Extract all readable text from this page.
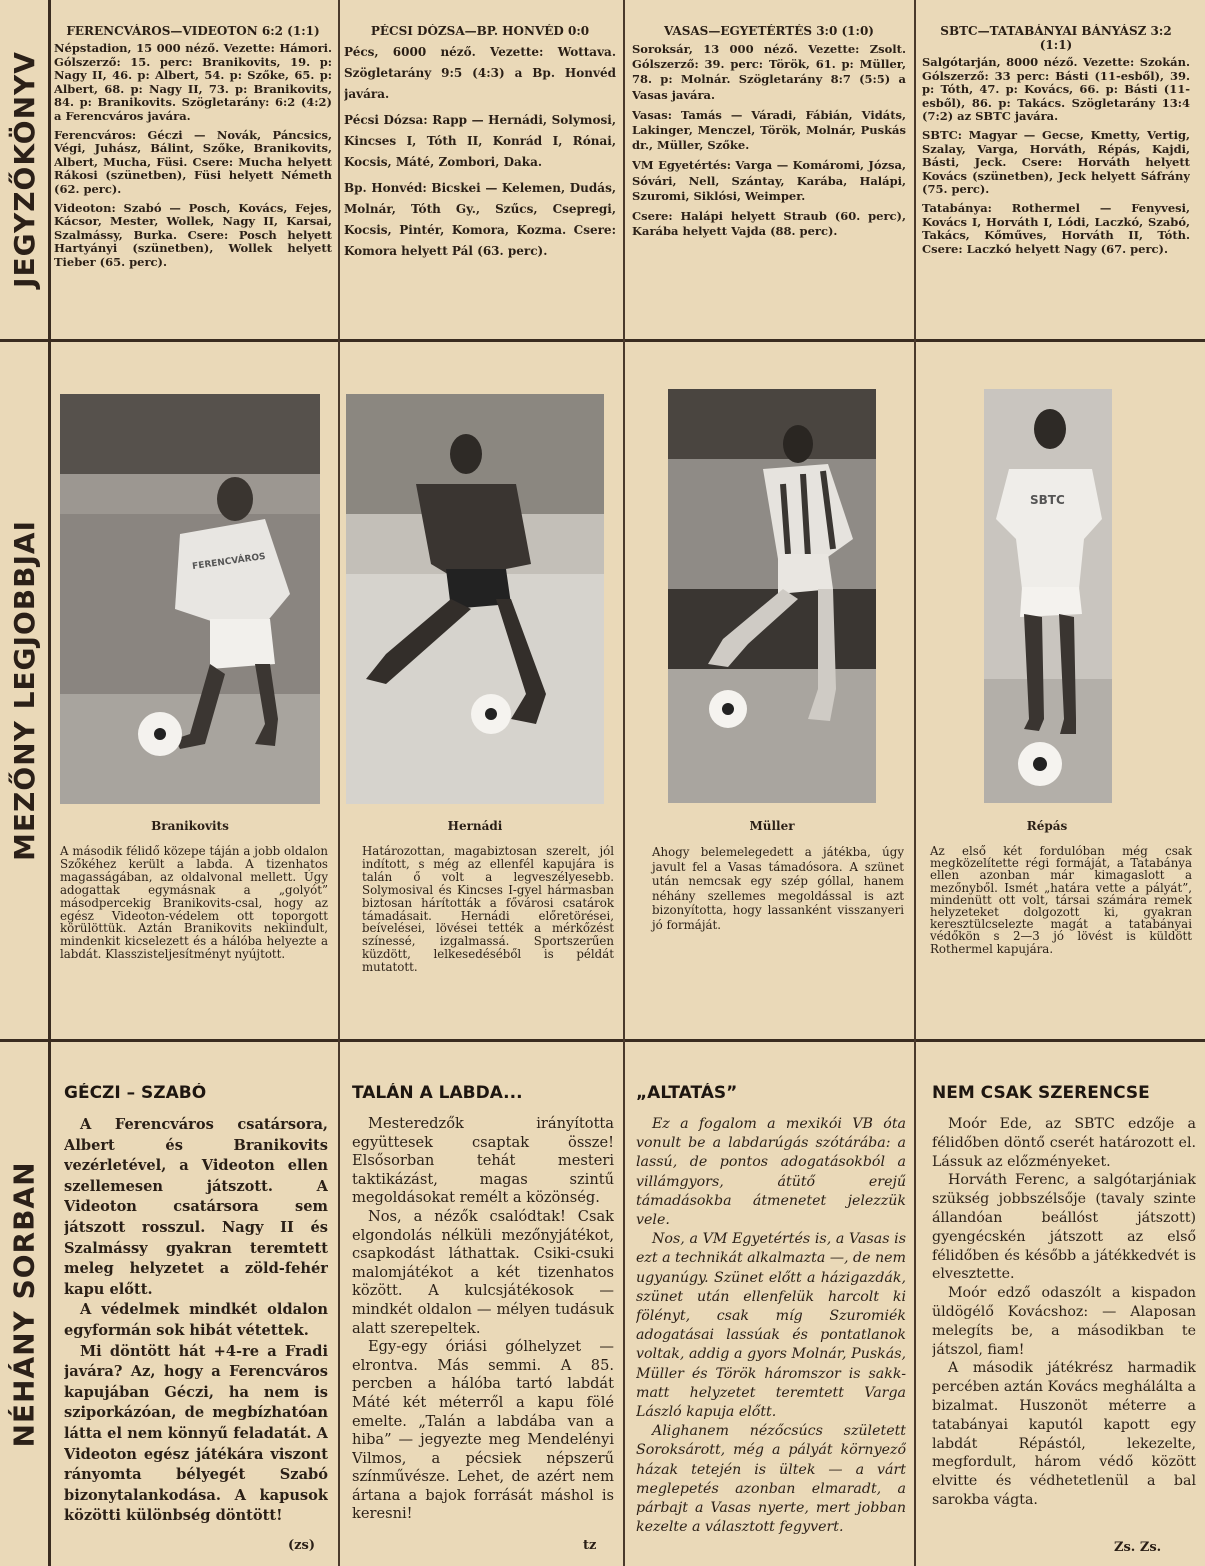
JEGYZŐKÖNYV
MEZŐNY LEGJOBBJAI
NÉHÁNY SORBAN
FERENCVÁROS—VIDEOTON 6:2 (1:1)

Népstadion, 15 000 néző. Vezette: Hámori. Gólszerző: 15. perc: Branikovits, 19. p: Nagy II, 46. p: Albert, 54. p: Szőke, 65. p: Albert, 68. p: Nagy II, 73. p: Branikovits, 84. p: Branikovits. Szögletarány: 6:2 (4:2) a Ferencváros javára.

Ferencváros: Géczi — Novák, Páncsics, Végi, Juhász, Bálint, Szőke, Branikovits, Albert, Mucha, Füsi. Csere: Mucha helyett Rákosi (szünetben), Füsi helyett Németh (62. perc).

Videoton: Szabó — Posch, Kovács, Fejes, Kácsor, Mester, Wollek, Nagy II, Karsai, Szalmássy, Burka. Csere: Posch helyett Hartyányi (szünetben), Wollek helyett Tieber (65. perc).

PÉCSI DÓZSA—BP. HONVÉD 0:0

Pécs, 6000 néző. Vezette: Wottava. Szögletarány 9:5 (4:3) a Bp. Honvéd javára.

Pécsi Dózsa: Rapp — Hernádi, Solymosi, Kincses I, Tóth II, Konrád I, Rónai, Kocsis, Máté, Zombori, Daka.

Bp. Honvéd: Bicskei — Kelemen, Dudás, Molnár, Tóth Gy., Szűcs, Csepregi, Kocsis, Pintér, Komora, Kozma. Csere: Komora helyett Pál (63. perc).

VASAS—EGYETÉRTÉS 3:0 (1:0)

Soroksár, 13 000 néző. Vezette: Zsolt. Gólszerző: 39. perc: Török, 61. p: Müller, 78. p: Molnár. Szögletarány 8:7 (5:5) a Vasas javára.

Vasas: Tamás — Váradi, Fábián, Vidáts, Lakinger, Menczel, Török, Molnár, Puskás dr., Müller, Szőke.

VM Egyetértés: Varga — Komáromi, Józsa, Sóvári, Nell, Szántay, Karába, Halápi, Szuromi, Siklósi, Weimper.

Csere: Halápi helyett Straub (60. perc), Karába helyett Vajda (88. perc).

SBTC—TATABÁNYAI BÁNYÁSZ 3:2 (1:1)

Salgótarján, 8000 néző. Vezette: Szokán. Gólszerző: 33 perc: Básti (11-esből), 39. p: Tóth, 47. p: Kovács, 66. p: Básti (11-esből), 86. p: Takács. Szögletarány 13:4 (7:2) az SBTC javára.

SBTC: Magyar — Gecse, Kmetty, Vertig, Szalay, Varga, Horváth, Répás, Kajdi, Básti, Jeck. Csere: Horváth helyett Kovács (szünetben), Jeck helyett Sáfrány (75. perc).

Tatabánya: Rothermel — Fenyvesi, Kovács I, Horváth I, Lódi, Laczkó, Szabó, Takács, Kőműves, Horváth II, Tóth. Csere: Laczkó helyett Nagy (67. perc).

FERENCVÁROS
Branikovits
A második félidő közepe táján a jobb oldalon Szőkéhez került a labda. A tizenhatos magasságában, az oldalvonal mellett. Úgy adogattak egymásnak a „golyót” másodpercekig Branikovits-csal, hogy az egész Videoton-védelem ott toporgott körülöttük. Aztán Branikovits nekiindult, mindenkit kicselezett és a hálóba helyezte a labdát. Klasszisteljesítményt nyújtott.
Hernádi
Határozottan, magabiztosan szerelt, jól indított, s még az ellenfél kapujára is talán ő volt a legveszélyesebb. Solymosival és Kincses I-gyel hármasban biztosan hárították a fővárosi csatárok támadásait. Hernádi előretörései, beívelései, lövései tették a mérkőzést színessé, izgalmassá. Sportszerűen küzdött, lelkesedéséből is példát mutatott.
Müller
Ahogy belemelegedett a játékba, úgy javult fel a Vasas támadósora. A szünet után nemcsak egy szép góllal, hanem néhány szellemes megoldással is azt bizonyította, hogy lassanként visszanyeri jó formáját.
SBTC
Répás
Az első két fordulóban még csak megközelítette régi formáját, a Tatabánya ellen azonban már kimagaslott a mezőnyből. Ismét „határa vette a pályát”, mindenütt ott volt, társai számára remek helyzeteket dolgozott ki, gyakran keresztülcselezte magát a tatabányai védőkön s 2—3 jó lövést is küldött Rothermel kapujára.
GÉCZI – SZABÓ

A Ferencváros csatársora, Albert és Branikovits vezérletével, a Videoton ellen szellemesen játszott. A Videoton csatársora sem játszott rosszul. Nagy II és Szalmássy gyakran teremtett meleg helyzetet a zöld-fehér kapu előtt.

A védelmek mindkét oldalon egyformán sok hibát vétettek.

Mi döntött hát +4-re a Fradi javára? Az, hogy a Ferencváros kapujában Géczi, ha nem is sziporkázóan, de megbízhatóan látta el nem könnyű feladatát. A Videoton egész játékára viszont rányomta bélyegét Szabó bizonytalankodása. A kapusok közötti különbség döntött!

(zs)
TALÁN A LABDA...

Mesteredzők irányította együttesek csaptak össze! Elsősorban tehát mesteri taktikázást, magas szintű megoldásokat remélt a közönség.

Nos, a nézők csalódtak! Csak elgondolás nélküli mezőnyjátékot, csapkodást láthattak. Csiki-csuki malomjátékot a két tizenhatos között. A kulcsjátékosok — mindkét oldalon — mélyen tudásuk alatt szerepeltek.

Egy-egy óriási gólhelyzet — elrontva. Más semmi. A 85. percben a hálóba tartó labdát Máté két méterről a kapu fölé emelte. „Talán a labdába van a hiba” — jegyezte meg Mendelényi Vilmos, a pécsiek népszerű színművésze. Lehet, de azért nem ártana a bajok forrását máshol is keresni!

tz
„ALTATÁS”

Ez a fogalom a mexikói VB óta vonult be a labdarúgás szótárába: a lassú, de pontos adogatásokból a villámgyors, átütő erejű támadásokba átmenetet jelezzük vele.

Nos, a VM Egyetértés is, a Vasas is ezt a technikát alkalmazta —, de nem ugyanúgy. Szünet előtt a házigazdák, szünet után ellenfelük harcolt ki fölényt, csak míg Szuromiék adogatásai lassúak és pontatlanok voltak, addig a gyors Molnár, Puskás, Müller és Török háromszor is sakk-matt helyzetet teremtett Varga László kapuja előtt.

Alighanem nézőcsúcs született Soroksárott, még a pályát környező házak tetején is ültek — a várt meglepetés azonban elmaradt, a párbajt a Vasas nyerte, mert jobban kezelte a választott fegyvert.

NEM CSAK SZERENCSE

Moór Ede, az SBTC edzője a félidőben döntő cserét határozott el. Lássuk az előzményeket.

Horváth Ferenc, a salgótarjániak szükség jobbszélsője (tavaly szinte állandóan beállóst játszott) gyengécskén játszott az első félidőben és később a játékkedvét is elvesztette.

Moór edző odaszólt a kispadon üldögélő Kovácshoz: — Alaposan melegíts be, a másodikban te játszol, fiam!

A második játékrész harmadik percében aztán Kovács meghálálta a bizalmat. Huszonöt méterre a tatabányai kaputól kapott egy labdát Répástól, lekezelte, megfordult, három védő között elvitte és védhetetlenül a bal sarokba vágta.

Zs. Zs.
